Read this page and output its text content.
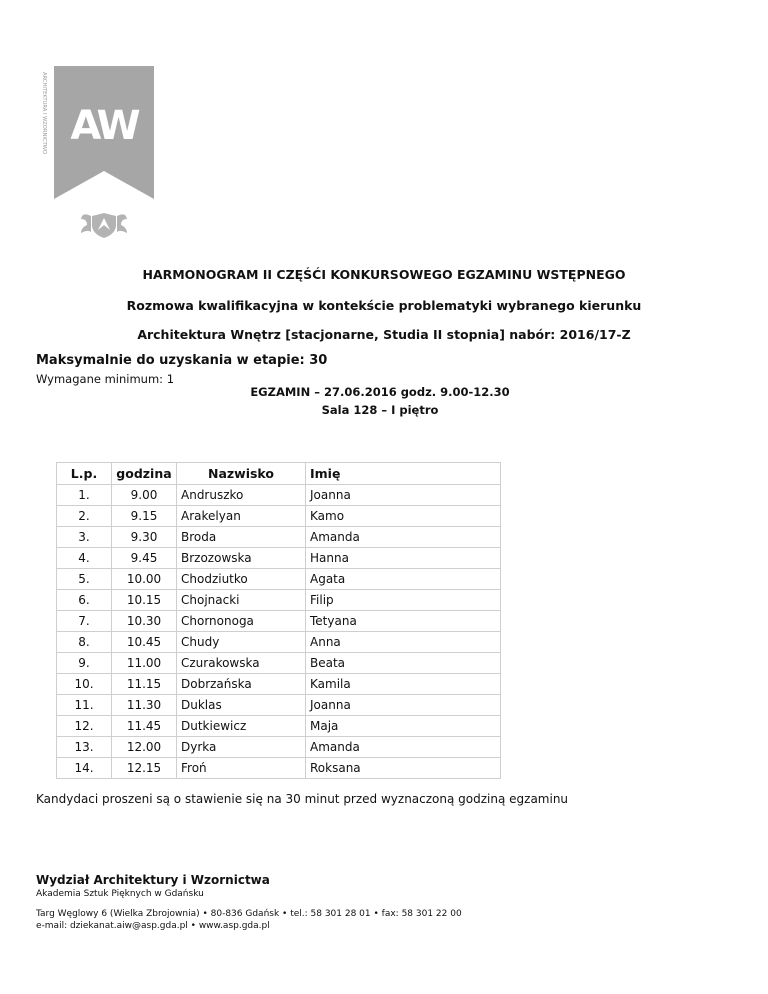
ARCHITEKTURA I WZORNICTWO AW
HARMONOGRAM II CZĘŚĆI KONKURSOWEGO EGZAMINU WSTĘPNEGO
Rozmowa kwalifikacyjna w kontekście problematyki wybranego kierunku
Architektura Wnętrz [stacjonarne, Studia II stopnia] nabór: 2016/17-Z
Maksymalnie do uzyskania w etapie: 30
Wymagane minimum: 1
EGZAMIN – 27.06.2016 godz. 9.00-12.30
Sala 128 – I piętro
L.p.	godzina	Nazwisko	Imię
1.	9.00	Andruszko	Joanna
2.	9.15	Arakelyan	Kamo
3.	9.30	Broda	Amanda
4.	9.45	Brzozowska	Hanna
5.	10.00	Chodziutko	Agata
6.	10.15	Chojnacki	Filip
7.	10.30	Chornonoga	Tetyana
8.	10.45	Chudy	Anna
9.	11.00	Czurakowska	Beata
10.	11.15	Dobrzańska	Kamila
11.	11.30	Duklas	Joanna
12.	11.45	Dutkiewicz	Maja
13.	12.00	Dyrka	Amanda
14.	12.15	Froń	Roksana
Kandydaci proszeni są o stawienie się na 30 minut przed wyznaczoną godziną egzaminu
Wydział Architektury i Wzornictwa
Akademia Sztuk Pięknych w Gdańsku
Targ Węglowy 6 (Wielka Zbrojownia) • 80-836 Gdańsk • tel.: 58 301 28 01 • fax: 58 301 22 00
e-mail: dziekanat.aiw@asp.gda.pl • www.asp.gda.pl
